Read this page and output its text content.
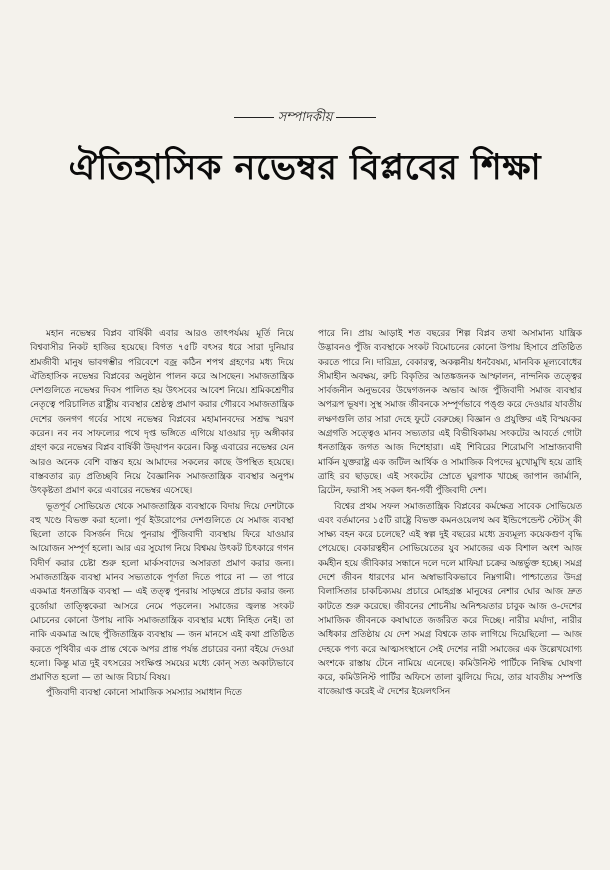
সম্পাদকীয়
ঐতিহাসিক নভেম্বর বিপ্লবের শিক্ষা

মহান নভেম্বর বিপ্লব বার্ষিকী এবার আরও তাৎপর্যময় মূর্তি নিয়ে বিশ্ববাসীর নিকট হাজির হয়েছে। বিগত ৭৫টি বৎসর ধরে সারা দুনিয়ার শ্রমজীবী মানুষ ভাবগম্ভীর পরিবেশে বজ্র কঠিন শপথ গ্রহণের মধ্য দিয়ে ঐতিহাসিক নভেম্বর বিপ্লবের অনুষ্ঠান পালন করে আসছেন। সমাজতান্ত্রিক দেশগুলিতে নভেম্বর দিবস পালিত হয় উৎসবের আবেশ নিয়ে। শ্রমিকশ্রেণীর নেতৃত্বে পরিচালিত রাষ্ট্রীয় ব্যবস্থার শ্রেষ্ঠত্ব প্রমাণ করার গৌরবে সমাজতান্ত্রিক দেশের জনগণ গর্বের সাথে নভেম্বর বিপ্লবের মহামানবদের সশ্রদ্ধ স্মরণ করেন। নব নব সাফল্যের পথে দৃপ্ত ভঙ্গিতে এগিয়ে যাওয়ার দৃঢ় অঙ্গীকার গ্রহণ করে নভেম্বর বিপ্লব বার্ষিকী উদ্‌যাপন করেন। কিন্তু এবারের নভেম্বর যেন আরও অনেক বেশি বাস্তব হয়ে আমাদের সকলের কাছে উপস্থিত হয়েছে। বাস্তবতার রূঢ় প্রতিচ্ছবি নিয়ে বৈজ্ঞানিক সমাজতান্ত্রিক ব্যবস্থার অনুপম উৎকৃষ্টতা প্রমাণ করে এবারের নভেম্বর এসেছে।

ভূতপূর্ব সোভিয়েত থেকে সমাজতান্ত্রিক ব্যবস্থাকে বিদায় দিয়ে দেশটাকে বহু খণ্ডে বিভক্ত করা হলো। পূর্ব ইউরোপের দেশগুলিতে যে সমাজ ব্যবস্থা ছিলো তাকে বিসর্জন দিয়ে পুনরায় পুঁজিবাদী ব্যবস্থায় ফিরে যাওয়ার আয়োজন সম্পূর্ণ হলো। আর এর সুযোগ নিয়ে বিশ্বময় উৎকট চিৎকারে গগন বিদীর্ণ করার চেষ্টা শুরু হলো মার্কসবাদের অসারতা প্রমাণ করার জন্য। সমাজতান্ত্রিক ব্যবস্থা মানব সভ্যতাকে পূর্ণতা দিতে পারে না — তা পারে একমাত্র ধনতান্ত্রিক ব্যবস্থা — এই তত্ত্ব পুনরায় সাড়ম্বরে প্রচার করার জন্য বুর্জোয়া তাত্ত্বিকেরা আসরে নেমে পড়লেন। সমাজের জ্বলন্ত সংকট মোচনের কোনো উপায় নাকি সমাজতান্ত্রিক ব্যবস্থার মধ্যে নিহিত নেই। তা নাকি একমাত্র আছে পুঁজিতান্ত্রিক ব্যবস্থায় — জন মানসে এই কথা প্রতিষ্ঠিত করতে পৃথিবীর এক প্রান্ত থেকে অপর প্রান্ত পর্যন্ত প্রচারের বন্যা বইয়ে দেওয়া হলো। কিন্তু মাত্র দুই বৎসরের সংক্ষিপ্ত সময়ের মধ্যে কোন্‌ সত্য অকাট্যভাবে প্রমাণিত হলো — তা আজ বিচার্য বিষয়।

পুঁজিবাদী ব্যবস্থা কোনো সামাজিক সমস্যার সমাধান দিতে

পারে নি। প্রায় আড়াই শত বছরের শিল্প বিপ্লব তথা অসামান্য যান্ত্রিক উদ্ভাবনও পুঁজি ব্যবস্থাকে সংকট বিমোচনের কোনো উপায় হিসাবে প্রতিষ্ঠিত করতে পারে নি। দারিদ্র্য, বেকারত্ব, অকল্পনীয় ধনবৈষম্য, মানবিক মূল্যবোধের সীমাহীন অবক্ষয়, রুচি বিকৃতির আতঙ্কজনক আস্ফালন, নান্দনিক তত্ত্বের সার্বজনীন অনুভবের উদ্বেগজনক অভাব আজ পুঁজিবাদী সমাজ ব্যবস্থার অপরূপ ভূষণ। সুস্থ সমাজ জীবনকে সম্পূর্ণভাবে পঙ্গু করে দেওয়ার যাবতীয় লক্ষণগুলি তার সারা দেহে ফুটে বেরুচ্ছে। বিজ্ঞান ও প্রযুক্তির এই বিস্ময়কর অগ্রগতি সত্ত্বেও মানব সভ্যতার এই বিভীষিকাময় সংকটের আবর্তে গোটা ধনতান্ত্রিক জগত আজ দিশেহারা। এই শিবিরের শিরোমণি সাম্রাজ্যবাদী মার্কিন যুক্তরাষ্ট্র এক জটিল আর্থিক ও সামাজিক বিপদের মুখোমুখি হয়ে ত্রাহি ত্রাহি রব ছাড়ছে। এই সংকটের স্রোতে ঘুরপাক খাচ্ছে জাপান জার্মানি, ব্রিটেন, ফরাসী সহ সকল ধন-গর্বী পুঁজিবাদী দেশ।

বিশ্বের প্রথম সফল সমাজতান্ত্রিক বিপ্লবের কর্মক্ষেত্র সাবেক সোভিয়েত এবং বর্তমানের ১৫টি রাষ্ট্রে বিভক্ত কমনওয়েলথ অব ইন্ডিপেন্ডেন্ট স্টেটস্‌ কী সাক্ষ্য বহন করে চলেছে? এই স্বল্প দুই বছরের মধ্যে দ্রব্যমূল্য কয়েকগুণ বৃদ্ধি পেয়েছে। বেকারত্বহীন সোভিয়েতের যুব সমাজের এক বিশাল অংশ আজ কর্মহীন হয়ে জীবিকার সন্ধানে দলে দলে মাফিয়া চক্রের অন্তর্ভুক্ত হচ্ছে। সমগ্র দেশে জীবন ধারণের মান অস্বাভাবিকভাবে নিম্নগামী। পাশ্চাত্যের উদগ্র বিলাসিতার চাকচিক্যময় প্রচারে মোহগ্রস্ত মানুষের নেশার ঘোর আজ দ্রুত কাটতে শুরু করেছে। জীবনের শোচনীয় অনিশ্চয়তার চাবুক আজ ও-দেশের সামাজিক জীবনকে কষাঘাতে জর্জরিত করে দিচ্ছে। নারীর মর্যাদা, নারীর অধিকার প্রতিষ্ঠায় যে দেশ সমগ্র বিশ্বকে তাক লাগিয়ে দিয়েছিলো — আজ দেহকে পণ্য করে আত্মসংস্থানে সেই দেশের নারী সমাজের এক উল্লেখযোগ্য অংশকে রাস্তায় টেনে নামিয়ে এনেছে। কমিউনিস্ট পার্টিকে নিষিদ্ধ ঘোষণা করে, কমিউনিস্ট পার্টির অফিসে তালা ঝুলিয়ে দিয়ে, তার যাবতীয় সম্পত্তি বাজেয়াপ্ত করেই ঐ দেশের ইয়েলৎসিন
